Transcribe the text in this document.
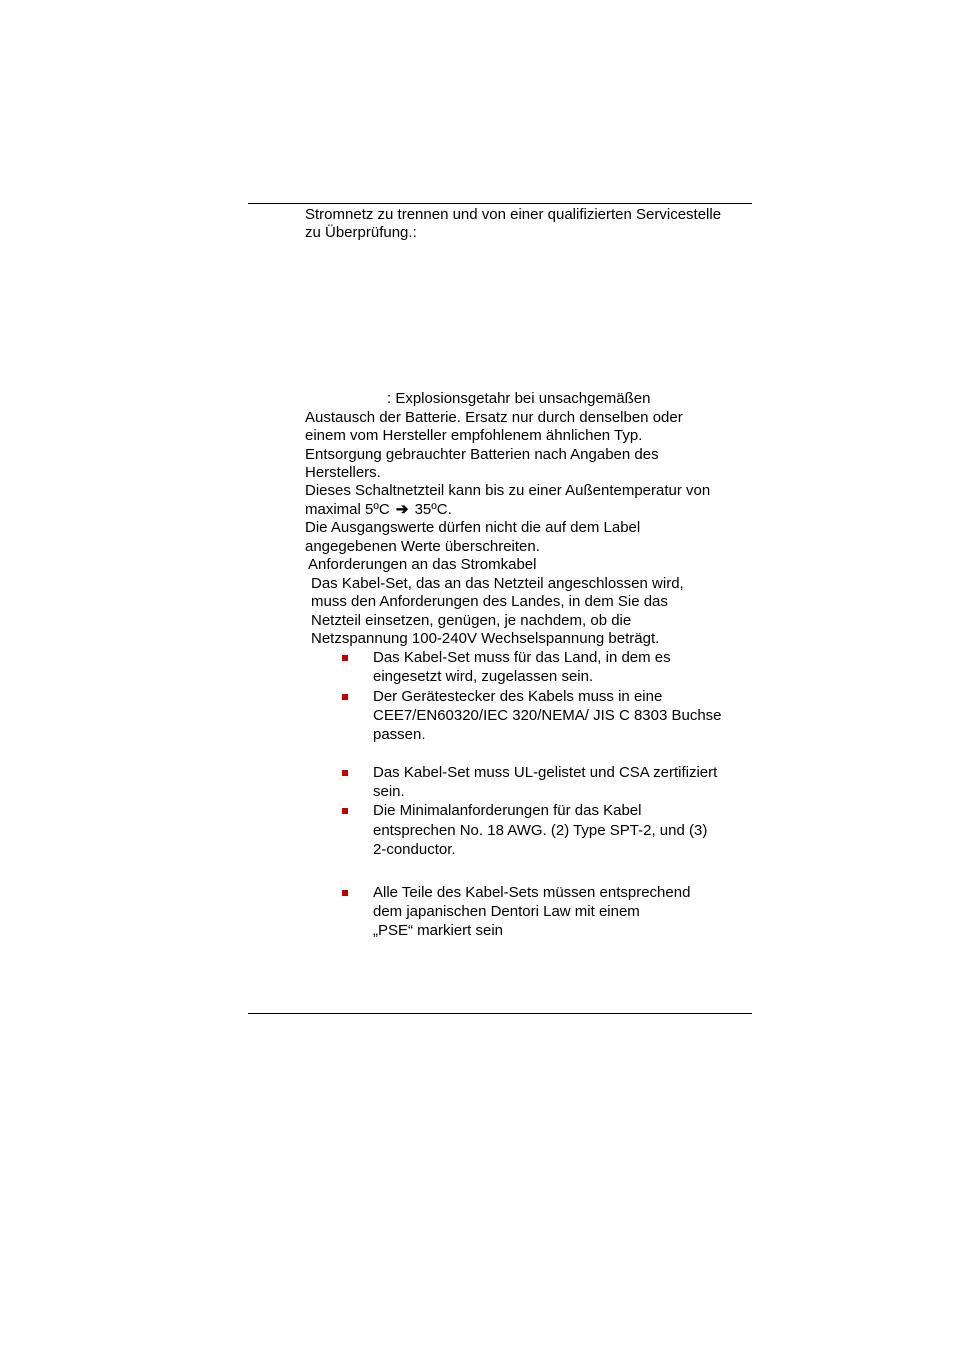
Stromnetz zu trennen und von einer qualifizierten Servicestelle
zu Überprüfung.:
: Explosionsgetahr bei unsachgemäßen
Austausch der Batterie. Ersatz nur durch denselben oder
einem vom Hersteller empfohlenem ähnlichen Typ.
Entsorgung gebrauchter Batterien nach Angaben des
Herstellers.
Dieses Schaltnetzteil kann bis zu einer Außentemperatur von
maximal 5ºC ➔ 35ºC.
Die Ausgangswerte dürfen nicht die auf dem Label
angegebenen Werte überschreiten.
Anforderungen an das Stromkabel
Das Kabel-Set, das an das Netzteil angeschlossen wird,
muss den Anforderungen des Landes, in dem Sie das
Netzteil einsetzen, genügen, je nachdem, ob die
Netzspannung 100-240V Wechselspannung beträgt.
Das Kabel-Set muss für das Land, in dem es
eingesetzt wird, zugelassen sein.
Der Gerätestecker des Kabels muss in eine
CEE7/EN60320/IEC 320/NEMA/ JIS C 8303 Buchse
passen.
Das Kabel-Set muss UL-gelistet und CSA zertifiziert
sein.
Die Minimalanforderungen für das Kabel
entsprechen No. 18 AWG. (2) Type SPT-2, und (3)
2-conductor.
Alle Teile des Kabel-Sets müssen entsprechend
dem japanischen Dentori Law mit einem
„PSE“ markiert sein
